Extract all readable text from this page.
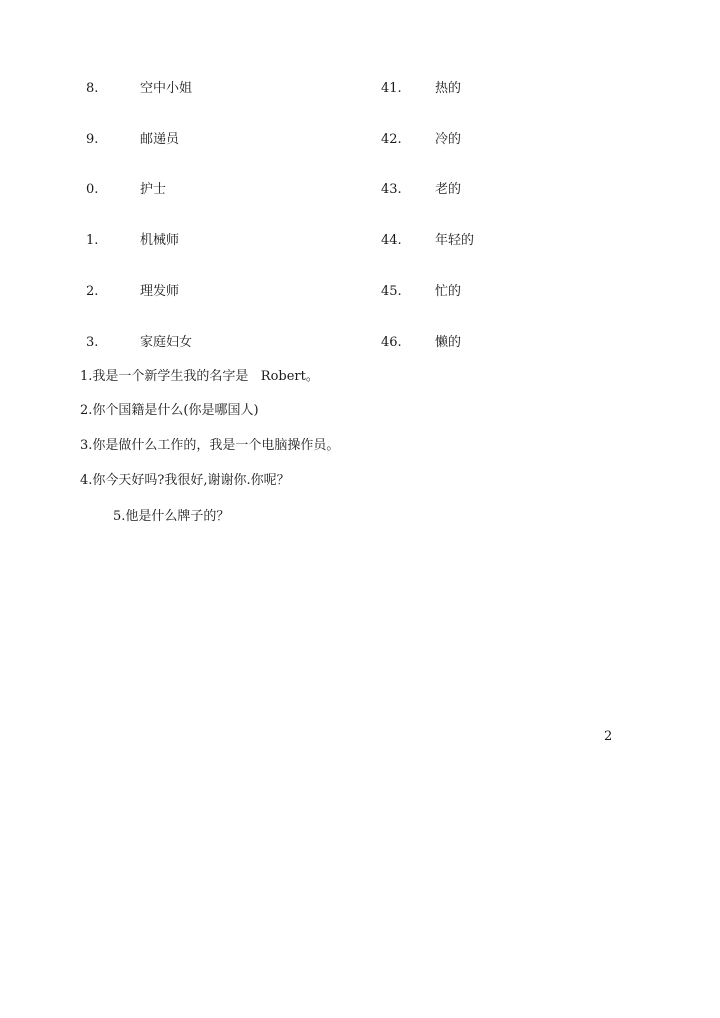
8.	空中小姐	41.	热的
9.	邮递员	42.	冷的
0.	护士	43.	老的
1.	机械师	44.	年轻的
2.	理发师	45.	忙的
3.	家庭妇女	46.	懒的
1.我是一个新学生我的名字是   Robert。
2.你个国籍是什么(你是哪国人)
3.你是做什么工作的，我是一个电脑操作员。
4.你今天好吗?我很好,谢谢你.你呢？
5.他是什么牌子的？
2
